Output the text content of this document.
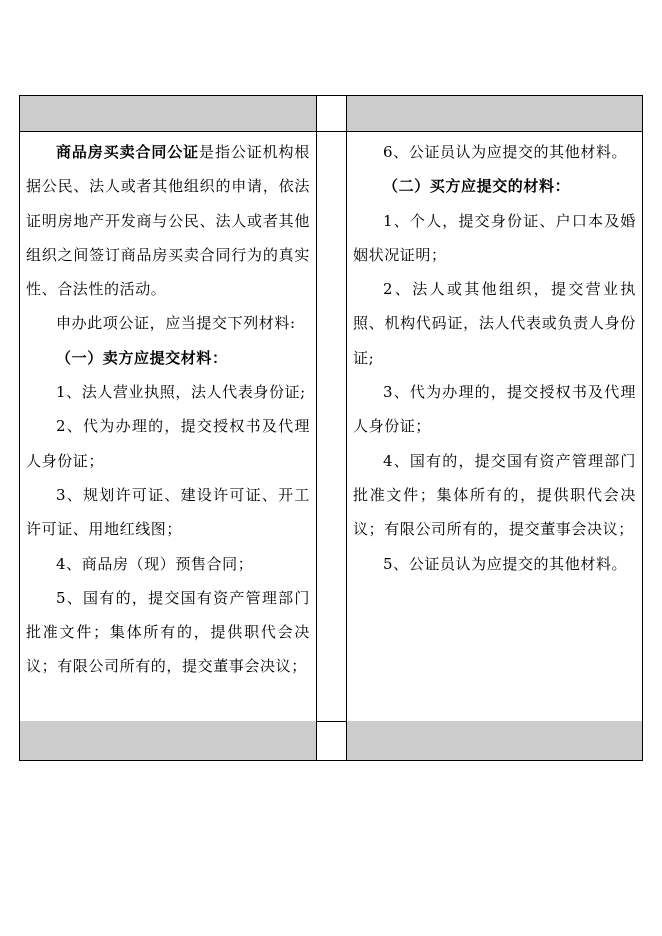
商品房买卖合同公证是指公证机构根据公民、法人或者其他组织的申请，依法证明房地产开发商与公民、法人或者其他组织之间签订商品房买卖合同行为的真实性、合法性的活动。

申办此项公证，应当提交下列材料:

（一）卖方应提交材料：

1、法人营业执照，法人代表身份证;

2、代为办理的，提交授权书及代理人身份证；

3、规划许可证、建设许可证、开工许可证、用地红线图；

4、商品房（现）预售合同；

5、国有的，提交国有资产管理部门批准文件；集体所有的，提供职代会决议；有限公司所有的，提交董事会决议；

6、公证员认为应提交的其他材料。

（二）买方应提交的材料：

1、个人，提交身份证、户口本及婚姻状况证明；

2、法人或其他组织，提交营业执照、机构代码证，法人代表或负责人身份证;

3、代为办理的，提交授权书及代理人身份证；

4、国有的，提交国有资产管理部门批准文件；集体所有的，提供职代会决议；有限公司所有的，提交董事会决议；

5、公证员认为应提交的其他材料。
